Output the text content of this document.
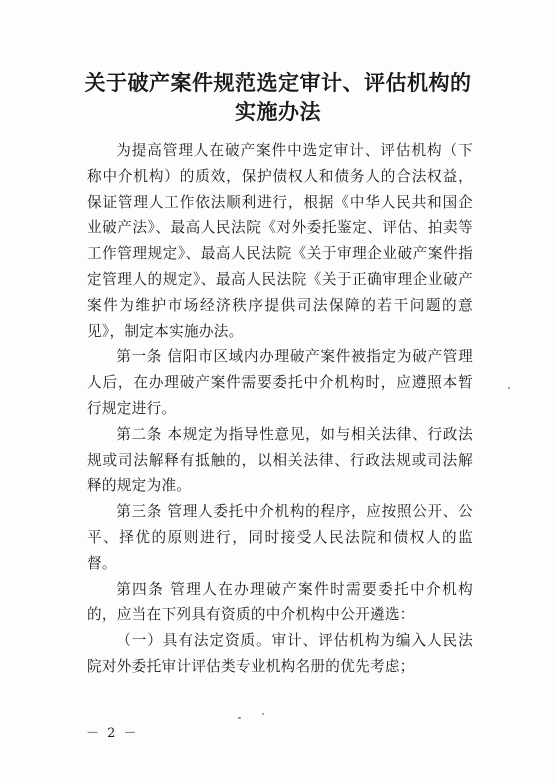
关于破产案件规范选定审计、评估机构的
实施办法

为提高管理人在破产案件中选定审计、评估机构（下称中介机构）的质效，保护债权人和债务人的合法权益，保证管理人工作依法顺利进行，根据《中华人民共和国企业破产法》、最高人民法院《对外委托鉴定、评估、拍卖等工作管理规定》、最高人民法院《关于审理企业破产案件指定管理人的规定》、最高人民法院《关于正确审理企业破产案件为维护市场经济秩序提供司法保障的若干问题的意见》，制定本实施办法。

第一条 信阳市区域内办理破产案件被指定为破产管理人后，在办理破产案件需要委托中介机构时，应遵照本暂行规定进行。

第二条 本规定为指导性意见，如与相关法律、行政法规或司法解释有抵触的，以相关法律、行政法规或司法解释的规定为准。

第三条 管理人委托中介机构的程序，应按照公开、公平、择优的原则进行，同时接受人民法院和债权人的监督。

第四条 管理人在办理破产案件时需要委托中介机构的，应当在下列具有资质的中介机构中公开遴选：

（一）具有法定资质。审计、评估机构为编入人民法院对外委托审计评估类专业机构名册的优先考虑；

－ 2 －
